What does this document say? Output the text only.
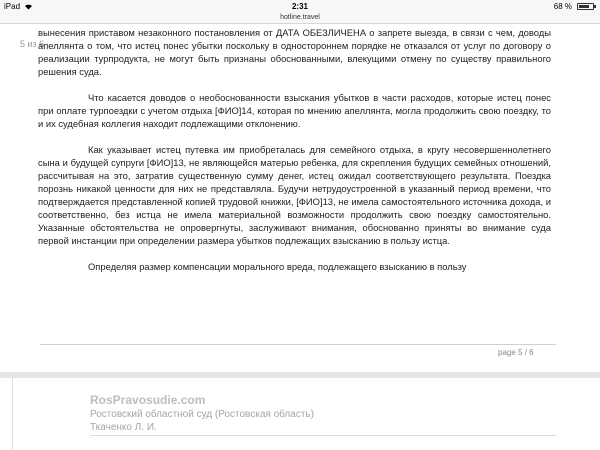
iPad	2:31	68 %
hotline.travel
5 из 6

вынесения приставом незаконного постановления от ДАТА ОБЕЗЛИЧЕНА о запрете выезда, в связи с чем, доводы апеллянта о том, что истец понес убытки поскольку в одностороннем порядке не отказался от услуг по договору о реализации турпродукта, не могут быть признаны обоснованными, влекущими отмену по существу правильного решения суда.

Что касается доводов о необоснованности взыскания убытков в части расходов, которые истец понес при оплате турпоездки с учетом отдыха [ФИО]14, которая по мнению апеллянта, могла продолжить свою поездку, то и их судебная коллегия находит подлежащими отклонению.

Как указывает истец путевка им приобреталась для семейного отдыха, в кругу несовершеннолетнего сына и будущей супруги [ФИО]13, не являющейся матерью ребенка, для скрепления будущих семейных отношений, рассчитывая на это, затратив существенную сумму денег, истец ожидал соответствующего результата. Поездка порознь никакой ценности для них не представляла. Будучи нетрудоустроенной в указанный период времени, что подтверждается представленной копией трудовой книжки, [ФИО]13, не имела самостоятельного источника дохода, и соответственно, без истца не имела материальной возможности продолжить свою поездку самостоятельно. Указанные обстоятельства не опровергнуты, заслуживают внимания, обоснованно приняты во внимание суда первой инстанции при определении размера убытков подлежащих взысканию в пользу истца.

Определяя размер компенсации морального вреда, подлежащего взысканию в пользу

page 5 / 6
RosPravosudie.com
Ростовский областной суд (Ростовская область)
Ткаченко Л. И.
